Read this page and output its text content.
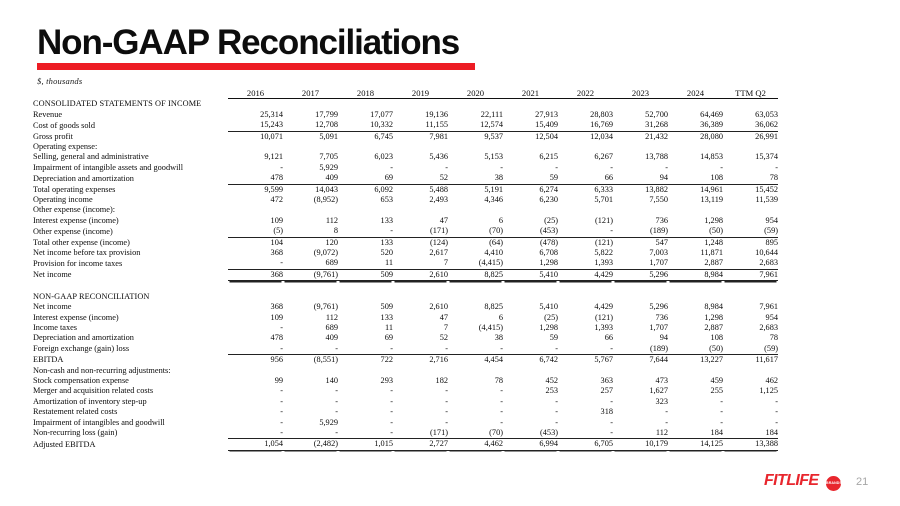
Non-GAAP Reconciliations
$, thousands
	2016	2017	2018	2019	2020	2021	2022	2023	2024	TTM Q2
CONSOLIDATED STATEMENTS OF INCOME										
Revenue	25,314	17,799	17,077	19,136	22,111	27,913	28,803	52,700	64,469	63,053
Cost of goods sold	15,243	12,708	10,332	11,155	12,574	15,409	16,769	31,268	36,389	36,062
Gross profit	10,071	5,091	6,745	7,981	9,537	12,504	12,034	21,432	28,080	26,991
Operating expense:										
Selling, general and administrative	9,121	7,705	6,023	5,436	5,153	6,215	6,267	13,788	14,853	15,374
Impairment of intangible assets and goodwill	-	5,929	-	-	-	-	-	-	-	-
Depreciation and amortization	478	409	69	52	38	59	66	94	108	78
Total operating expenses	9,599	14,043	6,092	5,488	5,191	6,274	6,333	13,882	14,961	15,452
Operating income	472	(8,952)	653	2,493	4,346	6,230	5,701	7,550	13,119	11,539
Other expense (income):										
Interest expense (income)	109	112	133	47	6	(25)	(121)	736	1,298	954
Other expense (income)	(5)	8	-	(171)	(70)	(453)	-	(189)	(50)	(59)
Total other expense (income)	104	120	133	(124)	(64)	(478)	(121)	547	1,248	895
Net income before tax provision	368	(9,072)	520	2,617	4,410	6,708	5,822	7,003	11,871	10,644
Provision for income taxes	-	689	11	7	(4,415)	1,298	1,393	1,707	2,887	2,683
Net income	368	(9,761)	509	2,610	8,825	5,410	4,429	5,296	8,984	7,961

NON-GAAP RECONCILIATION										
Net income	368	(9,761)	509	2,610	8,825	5,410	4,429	5,296	8,984	7,961
Interest expense (income)	109	112	133	47	6	(25)	(121)	736	1,298	954
Income taxes	-	689	11	7	(4,415)	1,298	1,393	1,707	2,887	2,683
Depreciation and amortization	478	409	69	52	38	59	66	94	108	78
Foreign exchange (gain) loss	-	-	-	-	-	-	-	(189)	(50)	(59)
EBITDA	956	(8,551)	722	2,716	4,454	6,742	5,767	7,644	13,227	11,617
Non-cash and non-recurring adjustments:										
Stock compensation expense	99	140	293	182	78	452	363	473	459	462
Merger and acquisition related costs	-	-	-	-	-	253	257	1,627	255	1,125
Amortization of inventory step-up	-	-	-	-	-	-	-	323	-	-
Restatement related costs	-	-	-	-	-	-	318	-	-	-
Impairment of intangibles and goodwill	-	5,929	-	-	-	-	-	-	-	-
Non-recurring loss (gain)	-	-	-	(171)	(70)	(453)	-	112	184	184
Adjusted EBITDA	1,054	(2,482)	1,015	2,727	4,462	6,994	6,705	10,179	14,125	13,388
FITLIFE BRANDS 21
